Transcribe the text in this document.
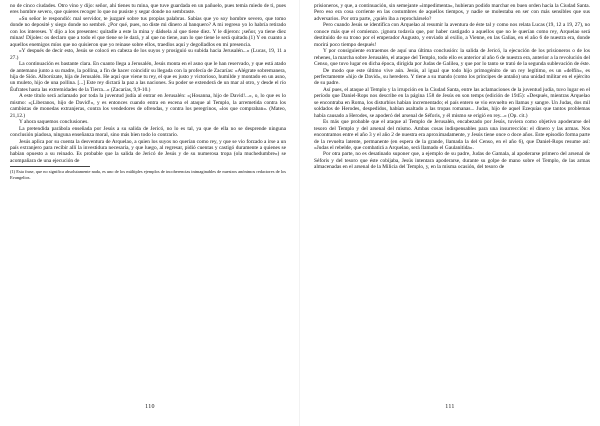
no de cinco ciudades. Otro vino y dijo: señor, ahí tienes tu mina, que tuve guardada en un pañuelo, pues temía miedo de ti, pues eres hombre severo, que quieres recoger lo que no pusiste y segar donde no sembraste.

»Su señor le respondió: mal servidor, te juzgaré sobre tus propias palabras. Sabías que yo soy hombre severo, que tomo donde no deposité y siego donde no sembré. ¿Por qué, pues, no diste mi dinero al banquero? A mi regreso yo lo habría retirado con los intereses. Y dijo a los presentes: quitadle a este la mina y dádsela al que tiene diez. Y le dijeron: ¡señor, ya tiene diez minas! Dijoles: os declaro que a todo el que tiene se le dará, y al que no tiene, aun lo que tiene le será quitado.(1) Y en cuanto a aquellos enemigos míos que no quisieron que yo reinase sobre ellos, traedlos aquí y degolladlos en mi presencia.

»Y después de decir esto, Jesús se colocó en cabeza de los suyos y prosiguió su subida hacia Jerusalén...» (Lucas, 19, 11 a 27.)

La continuación es bastante clara. En cuanto llega a Jerusalén, Jesús monta en el asno que le han reservado, y que está atado de antemano junto a su madre, la pollina, a fin de hacer coincidir su llegada con la profecía de Zacarías: «Alégrate sobremanera, hija de Sión. Alborózate, hija de Jerusalén. He aquí que viene tu rey, el que es justo y victorioso, humilde y montado en un asno, un muleto, hijo de una pollina. [...] Este rey dictará la paz a las naciones. Su poder se extenderá de un mar al otro, y desde el río Éufrates hasta las extremidades de la Tierra...» (Zacarías, 9,9-10.)

A este título será aclamado por toda la juventud judía al entrar en Jerusalén: «¡Hosanna, hijo de David!...», o, lo que es lo mismo: «¡Liberanos, hijo de David!», y es entonces cuando entra en escena el ataque al Templo, la arremetida contra los cambistas de monedas extranjeras, contra los vendedores de ofrendas, y contra los peregrinos, «los que compraban». (Mateo, 21,12.)

Y ahora saquemos conclusiones.

La pretendida parábola enseñada por Jesús a su salida de Jericó, no lo es tal, ya que de ella no se desprende ninguna conclusión piadosa, ninguna enseñanza moral, sino más bien todo lo contrario.

Jesús aplica por su cuenta la desventura de Arquelao, a quien los suyos no querían como rey, y que se vio forzado a irse a un país extranjero para recibir allí la investidura necesaria, y que luego, al regresar, pidió cuentas y castigó duramente a quienes se habían opuesto a su reinado. Es probable que la salida de Jericó de Jesús y de su numerosa tropa (ola muchedumbre») se acompañara de una ejecución de

(1) Esta frase, que no significa absolutamente nada, es uno de los múltiples ejemplos de incoherencias inimaginables de nuestros anónimos redactores de los Evangelios.

110

prisioneros, y que, a continuación, sin semejante «impedimenta», hubieran podido marchar en buen orden hacia la Ciudad Santa. Pero eso era cosa corriente en las costumbres de aquellos tiempos, y nadie se molestaba en ser con más sensibles que sus adversarios. Por otra parte, ¿quién iba a reprochárselo?

Pero cuando Jesús se identifica con Arquelao al resumir la aventura de éste tal y como nos relata Lucas (19, 12 a 19, 27), no conoce más que el comienzo. ¡ignora todavía que, por haber castigado a aquellos que no le querían como rey, Arquelao será destituido de su trono por el emperador Augusto, y enviado al exilio, a Vienne, en las Galias, en el año 6 de nuestra era, donde morirá poco tiempo después!

Y por consiguiente extraemos de aquí una última conclusión: la salida de Jericó, la ejecución de los prisioneros o de los rehenes, la marcha sobre Jerusalén, el ataque del Templo, todo ello es anterior al año 6 de nuestra era, anterior a la revolución del Censo, que tuvo lugar en dicha época, dirigida por Judas de Galilea, y que por lo tanto se trató de la segunda sublevación de éste.

De modo que este último vive aún. Jesús, al igual que todo hijo primogénito de un rey legítimo, es un «delfín», es perfectamente «hijo de David», su heredero. Y tiene a su mando (como los príncipes de antaño) una unidad militar en el ejército de su padre.

Así pues, el ataque al Templo y la irrupción en la Ciudad Santa, entre las aclamaciones de la juventud judía, tuvo lugar en el período que Daniel-Rops nos describe en la página 158 de Jesús en son temps (edición de 1945): «Después, mientras Arquelao se encontraba en Roma, los disturbios habían incrementado; el país entero se vio envuelto en llamas y sangre. Un Judas, dos mil soldados de Herodes, despedidos, habían asaltado a las tropas romanas... Judas, hijo de aquel Ezequías que tantos problemas había causado a Herodes, se apoderó del arsenal de Séforis, y él mismo se erigió en rey...» (Op. cit.)

Es más que probable que el ataque al Templo de Jerusalén, encabezado por Jesús, tuviera como objetivo apoderarse del tesoro del Templo y del arsenal del mismo. Ambas cosas indispensables para una insurrección: el dinero y las armas. Nos encontramos entre el año 3 y el año 2 de nuestra era aproximadamente, y Jesús tiene once o doce años. Este episodio forma parte de la revuelta latente, permanente (en espera de la grande, llamada la del Censo, en el año 6), que Daniel-Rops resume así: «Judas el rebelde, que combatirá a Arquelao, será llamado el Gaulanitida».

Por otra parte, no es desatinado suponer que, a ejemplo de su padre, Judas de Gamala, al apoderarse primero del arsenal de Séforis y del tesoro que éste cobijaba, Jesús intentara apoderarse, durante su golpe de mano sobre el Templo, de las armas almacenadas en el arsenal de la Milicia del Templo, y, en la misma ocasión, del tesoro de

111
